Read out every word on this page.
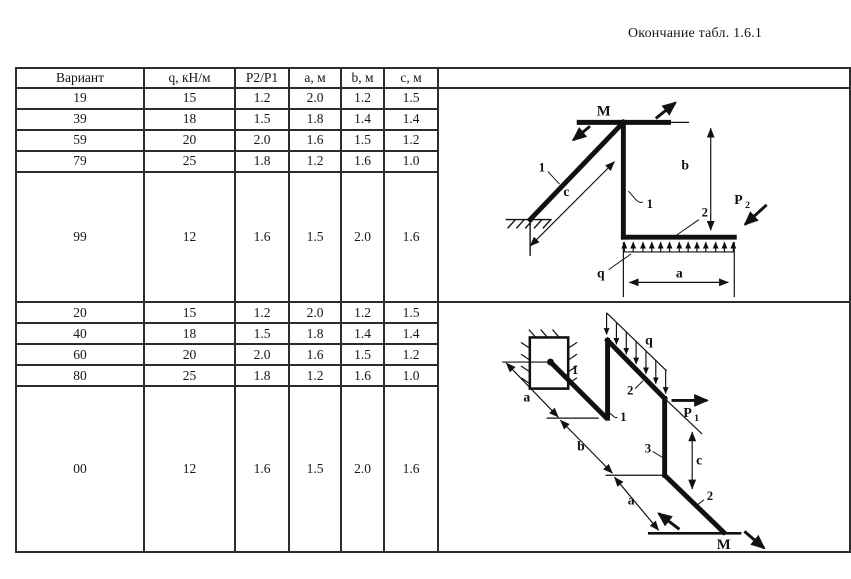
Окончание табл. 1.6.1
Вариант	q, кН/м	P2/P1	a, м	b, м	c, м	
19	15	1.2	2.0	1.2	1.5	
M
b
c
1
1
2
P 2
q	a

39	18	1.5	1.8	1.4	1.4	
59	20	2.0	1.6	1.5	1.2	
79	25	1.8	1.2	1.6	1.0	
99	12	1.6	1.5	2.0	1.6	
20	15	1.2	2.0	1.2	1.5	
a
b
a
c
q
P 1
1
1
2
3
2
M

40	18	1.5	1.8	1.4	1.4	
60	20	2.0	1.6	1.5	1.2	
80	25	1.8	1.2	1.6	1.0	
00	12	1.6	1.5	2.0	1.6	
